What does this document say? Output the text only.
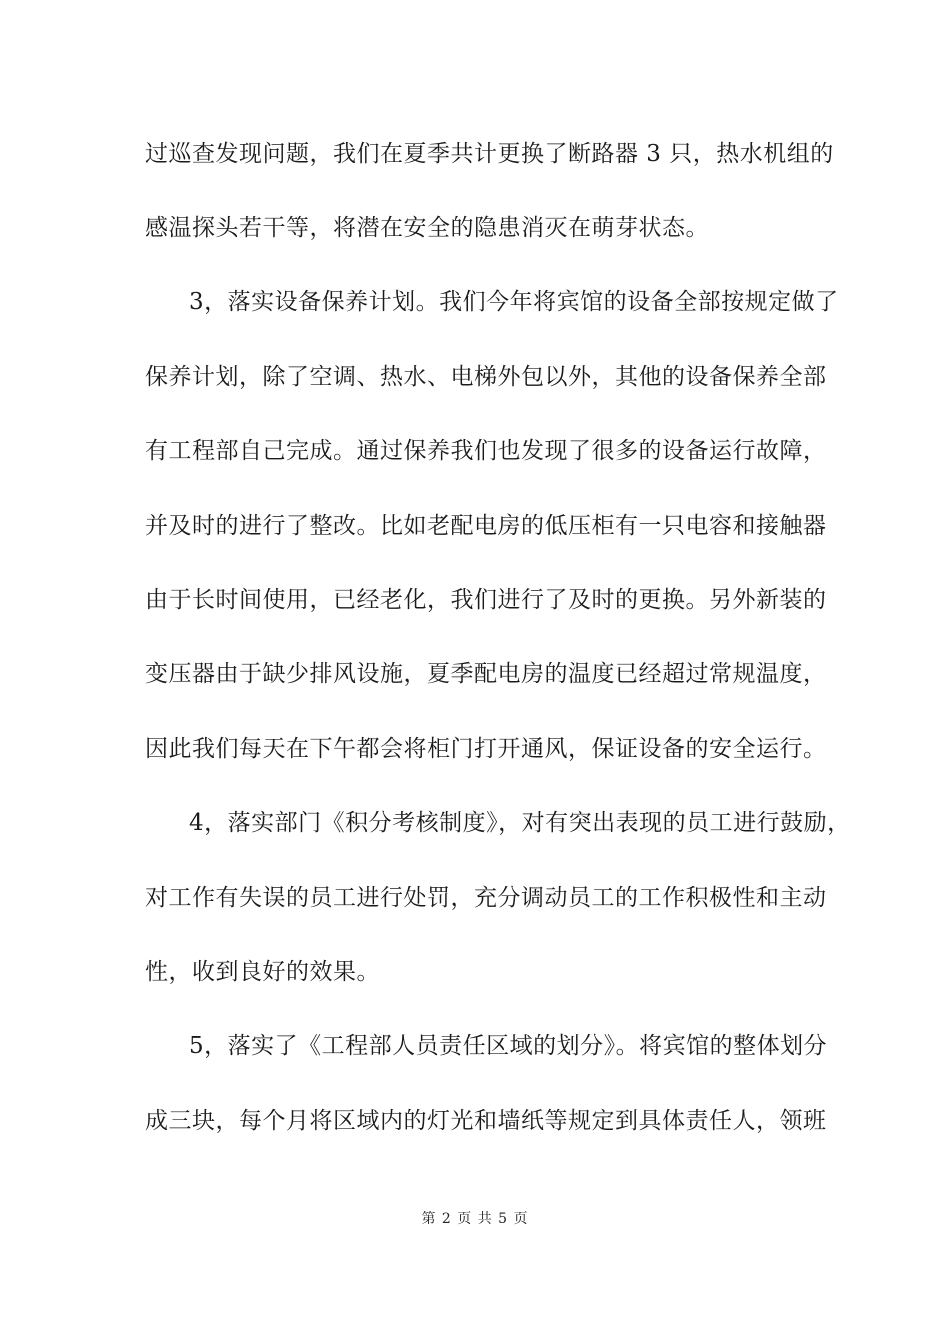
过巡查发现问题，我们在夏季共计更换了断路器 3 只，热水机组的
感温探头若干等，将潜在安全的隐患消灭在萌芽状态。
3，落实设备保养计划。我们今年将宾馆的设备全部按规定做了
保养计划，除了空调、热水、电梯外包以外，其他的设备保养全部
有工程部自己完成。通过保养我们也发现了很多的设备运行故障，
并及时的进行了整改。比如老配电房的低压柜有一只电容和接触器
由于长时间使用，已经老化，我们进行了及时的更换。另外新装的
变压器由于缺少排风设施，夏季配电房的温度已经超过常规温度，
因此我们每天在下午都会将柜门打开通风，保证设备的安全运行。
4，落实部门《积分考核制度》，对有突出表现的员工进行鼓励，
对工作有失误的员工进行处罚，充分调动员工的工作积极性和主动
性，收到良好的效果。
5，落实了《工程部人员责任区域的划分》。将宾馆的整体划分
成三块，每个月将区域内的灯光和墙纸等规定到具体责任人，领班
第 2 页 共 5 页
